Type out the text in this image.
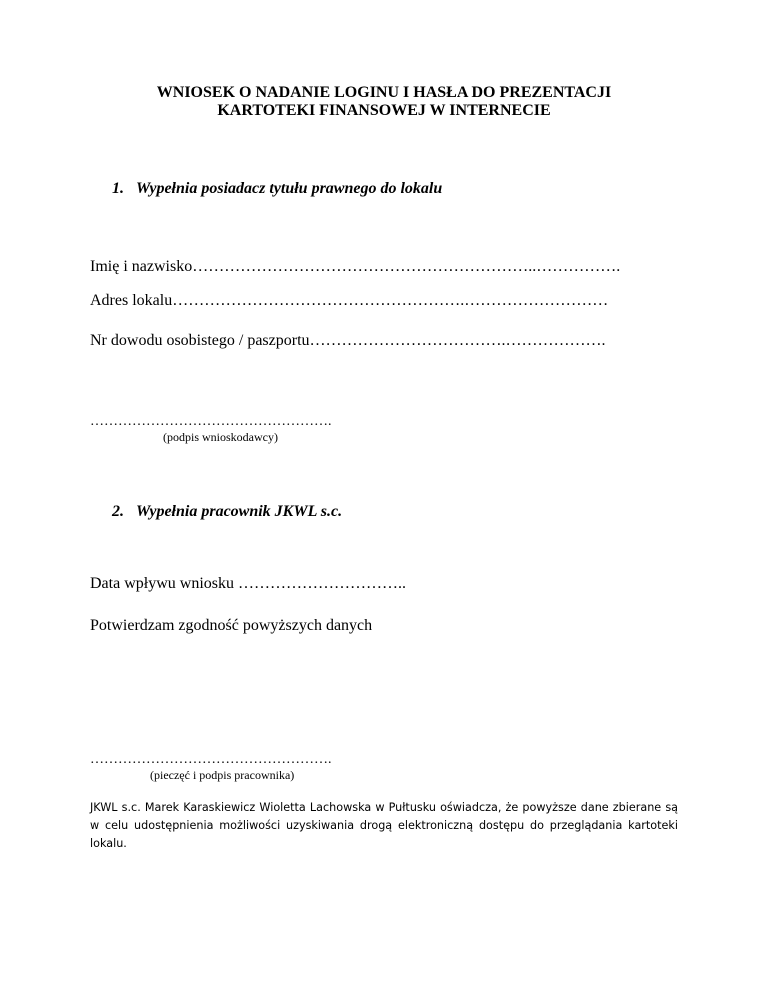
WNIOSEK O NADANIE LOGINU I HASŁA DO PREZENTACJI
KARTOTEKI FINANSOWEJ W INTERNECIE
1. Wypełnia posiadacz tytułu prawnego do lokalu
Imię i nazwisko………………………………………………………..…………….
Adres lokalu……………………………………………….………………………
Nr dowodu osobistego / paszportu……………………………….……………….
…………………………………………….
(podpis wnioskodawcy)
2. Wypełnia pracownik JKWL s.c.
Data wpływu wniosku …………………………..
Potwierdzam zgodność powyższych danych
…………………………………………….
(pieczęć i podpis pracownika)
JKWL s.c. Marek Karaskiewicz Wioletta Lachowska w Pułtusku oświadcza, że powyższe dane zbierane są w celu udostępnienia możliwości uzyskiwania drogą elektroniczną dostępu do przeglądania kartoteki lokalu.
